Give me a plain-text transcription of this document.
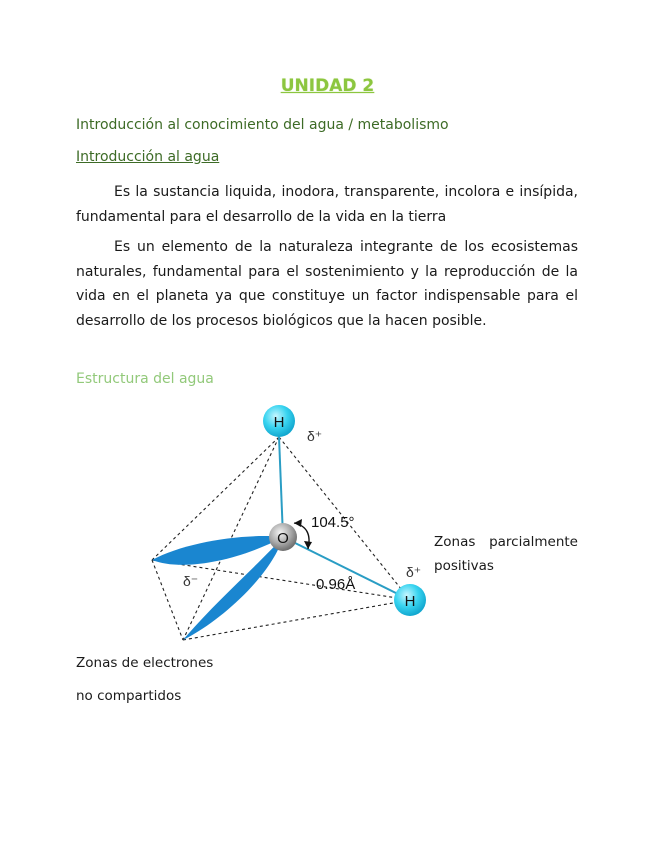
UNIDAD 2
Introducción al conocimiento del agua / metabolismo
Introducción al agua
Es la sustancia liquida, inodora, transparente, incolora e insípida, fundamental para el desarrollo de la vida en la tierra
Es un elemento de la naturaleza integrante de los ecosistemas naturales, fundamental para el sostenimiento y la reproducción de la vida en el planeta ya que constituye un factor indispensable para el desarrollo de los procesos biológicos que la hacen posible.
Estructura del agua
H
H
O
104.5°
0.96Å
δ⁺
δ⁺
δ⁻
Zonas parcialmente
positivas
Zonas de electrones
no compartidos
